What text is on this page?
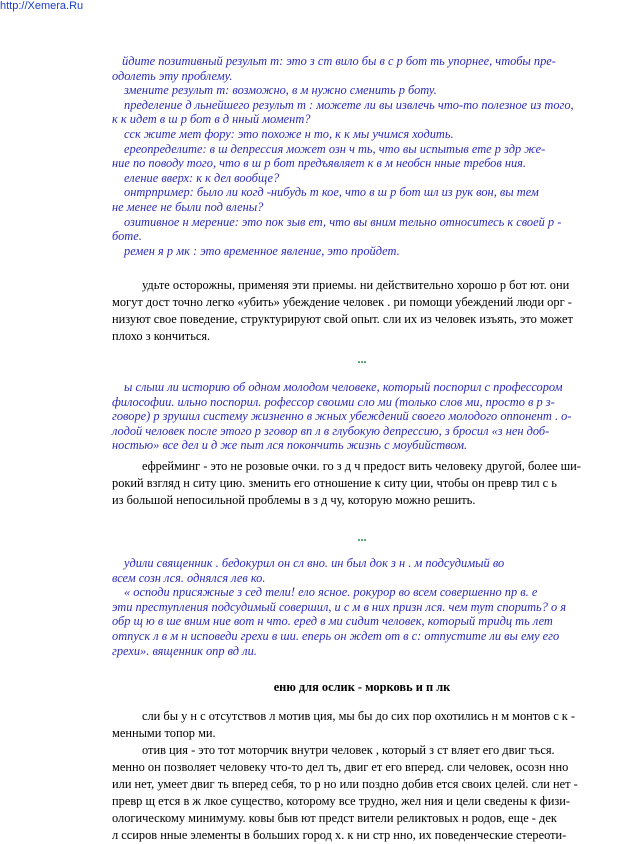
http://Xemera.Ru

йдите позитивный результ т: это з ст вило бы в с р бот ть упорнее, чтобы пре-

одолеть эту проблему.

змените результ т: возможно, в м нужно сменить р боту.

пределение д льнейшего результ т : можете ли вы извлечь что-то полезное из того,

к к идет в ш р бот в д нный момент?

сск жите мет фору: это похоже н то, к к мы учимся ходить.

ереопределите: в ш депрессия может озн ч ть, что вы испытыв ете р здр же-

ние по поводу того, что в ш р бот предъявляет к в м необсн нные требов ния.

еление вверх: к к дел вообще?

онтрпример: было ли когд -нибудь т кое, что в ш р бот шл из рук вон, вы тем

не менее не были под влены?

озитивное н мерение: это пок зыв ет, что вы вним тельно относитесь к своей р -

боте.

ремен я р мк : это временное явление, это пройдет.

удьте осторожны, применяя эти приемы. ни действительно хорошо р бот ют. они

могут дост точно легко «убить» убеждение человек . ри помощи убеждений люди орг -

низуют свое поведение, структурируют свой опыт. сли их из человек изъять, это может

плохо з кончиться.

...

ы слыш ли историю об одном молодом человеке, который поспорил с профессором

философии. ильно поспорил. рофессор своими сло ми (только слов ми, просто в р з-

говоре) р зрушил систему жизненно в жных убеждений своего молодого оппонент . о-

лодой человек после этого р зговор вп л в глубокую депрессию, з бросил «з нен доб-

ностью» все дел и д же пыт лся покончить жизнь с моубийством.

ефрейминг - это не розовые очки. го з д ч предост вить человеку другой, более ши-

рокий взгляд н ситу цию. зменить его отношение к ситу ции, чтобы он превр тил с ь

из большой непосильной проблемы в з д чу, которую можно решить.

...

удили священник . бедокурил он сл вно. ин был док з н . м подсудимый во

всем созн лся. однялся лев ко.

« осподи присяжные з сед тели! ело ясное. рокурор во всем совершенно пр в. е

эти преступления подсудимый совершил, и с м в них призн лся. чем тут спорить? о я

обр щ ю в ше вним ние вот н что. еред в ми сидит человек, который тридц ть лет

отпуск л в м н исповеди грехи в ши. еперь он ждет от в с: отпустите ли вы ему его

грехи». вященник опр вд ли.

еню для ослик - морковь и п лк

сли бы у н с отсутствов л мотив ция, мы бы до сих пор охотились н м монтов с к -

менными топор ми.

отив ция - это тот моторчик внутри человек , который з ст вляет его двиг ться.

менно он позволяет человеку что-то дел ть, двиг ет его вперед. сли человек, осозн нно

или нет, умеет двиг ть вперед себя, то р но или поздно добив ется своих целей. сли нет -

превр щ ется в ж лкое существо, которому все трудно, жел ния и цели сведены к физи-

ологическому минимуму. ковы быв ют предст вители реликтовых н родов, еще - дек

л ссиров нные элементы в больших город х. к ни стр нно, их поведенческие стереоти-
